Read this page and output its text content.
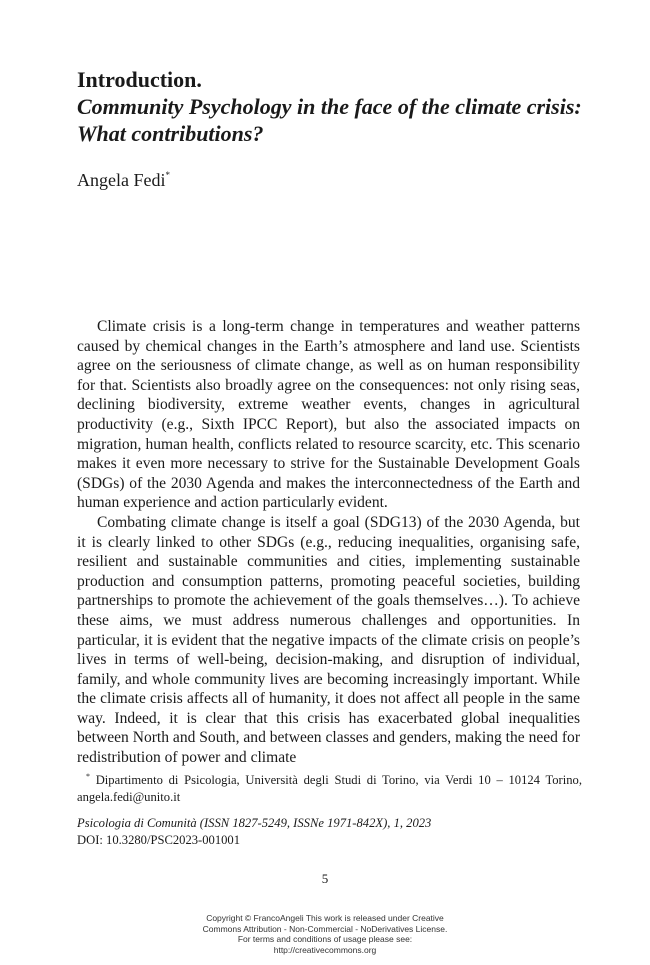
Introduction.
Community Psychology in the face of the climate crisis:
What contributions?
Angela Fedi*

Climate crisis is a long-term change in temperatures and weather patterns caused by chemical changes in the Earth’s atmosphere and land use. Scientists agree on the seriousness of climate change, as well as on human responsibility for that. Scientists also broadly agree on the consequences: not only rising seas, declining biodiversity, extreme weather events, changes in agricultural productivity (e.g., Sixth IPCC Report), but also the associated impacts on migration, human health, conflicts related to resource scarcity, etc. This scenario makes it even more necessary to strive for the Sustainable Development Goals (SDGs) of the 2030 Agenda and makes the interconnectedness of the Earth and human experience and action particularly evident.

Combating climate change is itself a goal (SDG13) of the 2030 Agenda, but it is clearly linked to other SDGs (e.g., reducing inequalities, organising safe, resilient and sustainable communities and cities, implementing sustainable production and consumption patterns, promoting peaceful societies, building partnerships to promote the achievement of the goals themselves…). To achieve these aims, we must address numerous challenges and opportunities. In particular, it is evident that the negative impacts of the climate crisis on people’s lives in terms of well-being, decision-making, and disruption of individual, family, and whole community lives are becoming increasingly important. While the climate crisis affects all of humanity, it does not affect all people in the same way. Indeed, it is clear that this crisis has exacerbated global inequalities between North and South, and between classes and genders, making the need for redistribution of power and climate

* Dipartimento di Psicologia, Università degli Studi di Torino, via Verdi 10 – 10124 Torino, angela.fedi@unito.it
Psicologia di Comunità (ISSN 1827-5249, ISSNe 1971-842X), 1, 2023
DOI: 10.3280/PSC2023-001001
5
Copyright © FrancoAngeli This work is released under Creative
Commons Attribution - Non-Commercial - NoDerivatives License.
For terms and conditions of usage please see:
http://creativecommons.org
